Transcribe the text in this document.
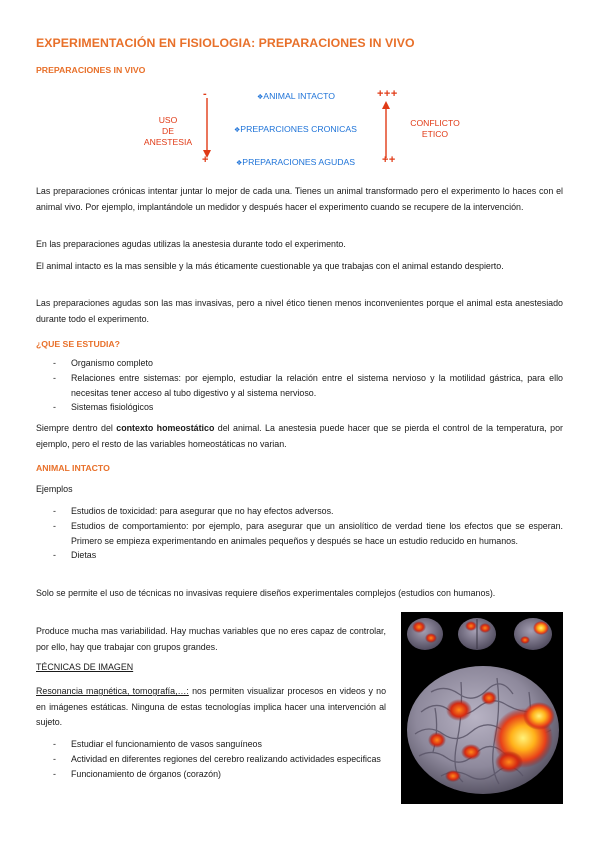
EXPERIMENTACIÓN EN FISIOLOGIA: PREPARACIONES IN VIVO

PREPARACIONES IN VIVO

-
+
USO
DE
ANESTESIA
❖ANIMAL INTACTO
❖PREPARCIONES CRONICAS
❖PREPARACIONES AGUDAS
+++
++
CONFLICTO
ETICO

Las preparaciones crónicas intentar juntar lo mejor de cada una. Tienes un animal transformado pero el experimento lo haces con el animal vivo. Por ejemplo, implantándole un medidor y después hacer el experimento cuando se recupere de la intervención.

En las preparaciones agudas utilizas la anestesia durante todo el experimento.

El animal intacto es la mas sensible y la más éticamente cuestionable ya que trabajas con el animal estando despierto.

Las preparaciones agudas son las mas invasivas, pero a nivel ético tienen menos inconvenientes porque el animal esta anestesiado durante todo el experimento.

¿QUE SE ESTUDIA?

- Organismo completo
- Relaciones entre sistemas: por ejemplo, estudiar la relación entre el sistema nervioso y la motilidad gástrica, para ello necesitas tener acceso al tubo digestivo y al sistema nervioso.
- Sistemas fisiológicos

Siempre dentro del contexto homeostático del animal. La anestesia puede hacer que se pierda el control de la temperatura, por ejemplo, pero el resto de las variables homeostáticas no varian.

ANIMAL INTACTO

Ejemplos

- Estudios de toxicidad: para asegurar que no hay efectos adversos.
- Estudios de comportamiento: por ejemplo, para asegurar que un ansiolítico de verdad tiene los efectos que se esperan. Primero se empieza experimentando en animales pequeños y después se hace un estudio reducido en humanos.
- Dietas

Solo se permite el uso de técnicas no invasivas requiere diseños experimentales complejos (estudios con humanos).

Produce mucha mas variabilidad. Hay muchas variables que no eres capaz de controlar, por ello, hay que trabajar con grupos grandes.

TÉCNICAS DE IMAGEN

Resonancia magnética, tomografía,…: nos permiten visualizar procesos en videos y no en imágenes estáticas. Ninguna de estas tecnologías implica hacer una intervención al sujeto.

- Estudiar el funcionamiento de vasos sanguíneos
- Actividad en diferentes regiones del cerebro realizando actividades especificas
- Funcionamiento de órganos (corazón)
